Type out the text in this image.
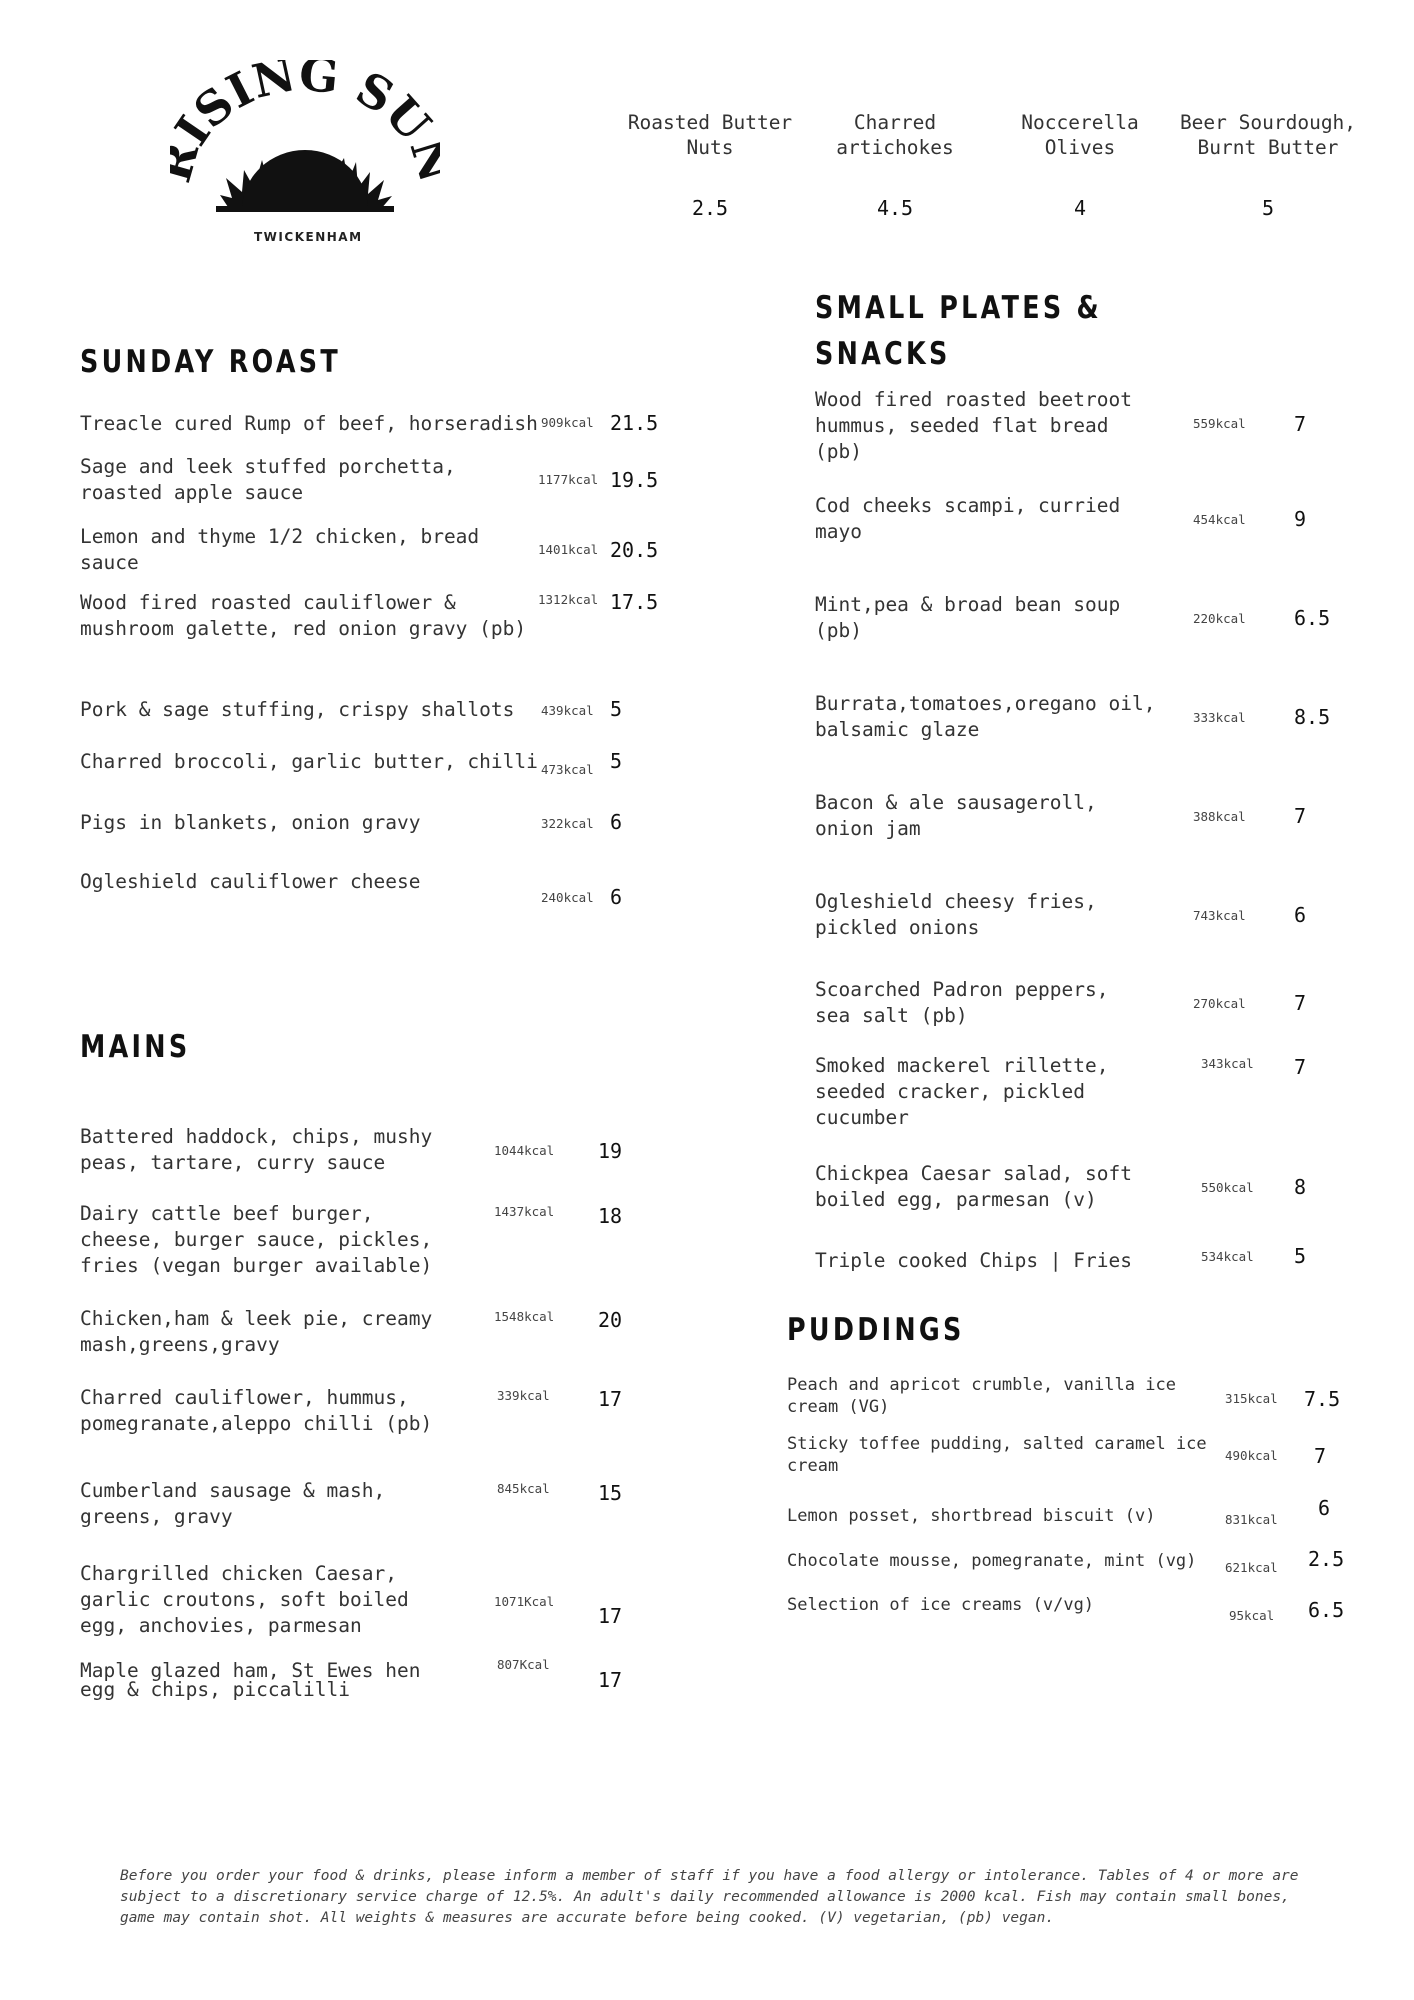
ISING SU
TWICKENHAM
Roasted Butter Nuts
2.5
Charred artichokes
4.5
Noccerella Olives
4
Beer Sourdough, Burnt Butter
5
SUNDAY ROAST
Treacle cured Rump of beef, horseradish 909kcal 21.5
Sage and leek stuffed porchetta,
roasted apple sauce
1177kcal 19.5
Lemon and thyme 1/2 chicken, bread
sauce
1401kcal 20.5
Wood fired roasted cauliflower &
mushroom galette, red onion gravy (pb)
1312kcal 17.5
Pork & sage stuffing, crispy shallots 439kcal 5
Charred broccoli, garlic butter, chilli 473kcal 5
Pigs in blankets, onion gravy	322kcal 6
Ogleshield cauliflower cheese
240kcal 6
MAINS
Battered haddock, chips, mushy
peas, tartare, curry sauce
1044kcal 19
Dairy cattle beef burger,
cheese, burger sauce, pickles,
fries (vegan burger available)
1437kcal 18
Chicken,ham & leek pie, creamy
mash,greens,gravy
1548kcal 20
Charred cauliflower, hummus,
pomegranate,aleppo chilli (pb)
339kcal 17
Cumberland sausage & mash,
greens, gravy
845kcal 15
Chargrilled chicken Caesar,
garlic croutons, soft boiled
egg, anchovies, parmesan
1071Kcal
17
Maple glazed ham, St Ewes hen
egg & chips, piccalilli
807Kcal
17
SMALL PLATES &
SNACKS
Wood fired roasted beetroot
hummus, seeded flat bread
(pb)
559kcal 7
Cod cheeks scampi, curried
mayo
454kcal 9
Mint,pea & broad bean soup
(pb)
220kcal 6.5
Burrata,tomatoes,oregano oil,
balsamic glaze
333kcal 8.5
Bacon & ale sausageroll,
onion jam
388kcal 7
Ogleshield cheesy fries,
pickled onions
743kcal 6
Scoarched Padron peppers,
sea salt (pb)
270kcal 7
Smoked mackerel rillette,
seeded cracker, pickled
cucumber
343kcal 7
Chickpea Caesar salad, soft
boiled egg, parmesan (v)
550kcal 8
Triple cooked Chips | Fries	534kcal 5
PUDDINGS
Peach and apricot crumble, vanilla ice
cream (VG)	315kcal 7.5
Sticky toffee pudding, salted caramel ice
cream
490kcal 7
Lemon posset, shortbread biscuit (v)	831kcal 6
Chocolate mousse, pomegranate, mint (vg) 621kcal 2.5
Selection of ice creams (v/vg)
95kcal 6.5
Before you order your food & drinks, please inform a member of staff if you have a food allergy or intolerance. Tables of 4 or more are subject to a discretionary service charge of 12.5%. An adult's daily recommended allowance is 2000 kcal. Fish may contain small bones, game may contain shot. All weights & measures are accurate before being cooked. (V) vegetarian, (pb) vegan.
